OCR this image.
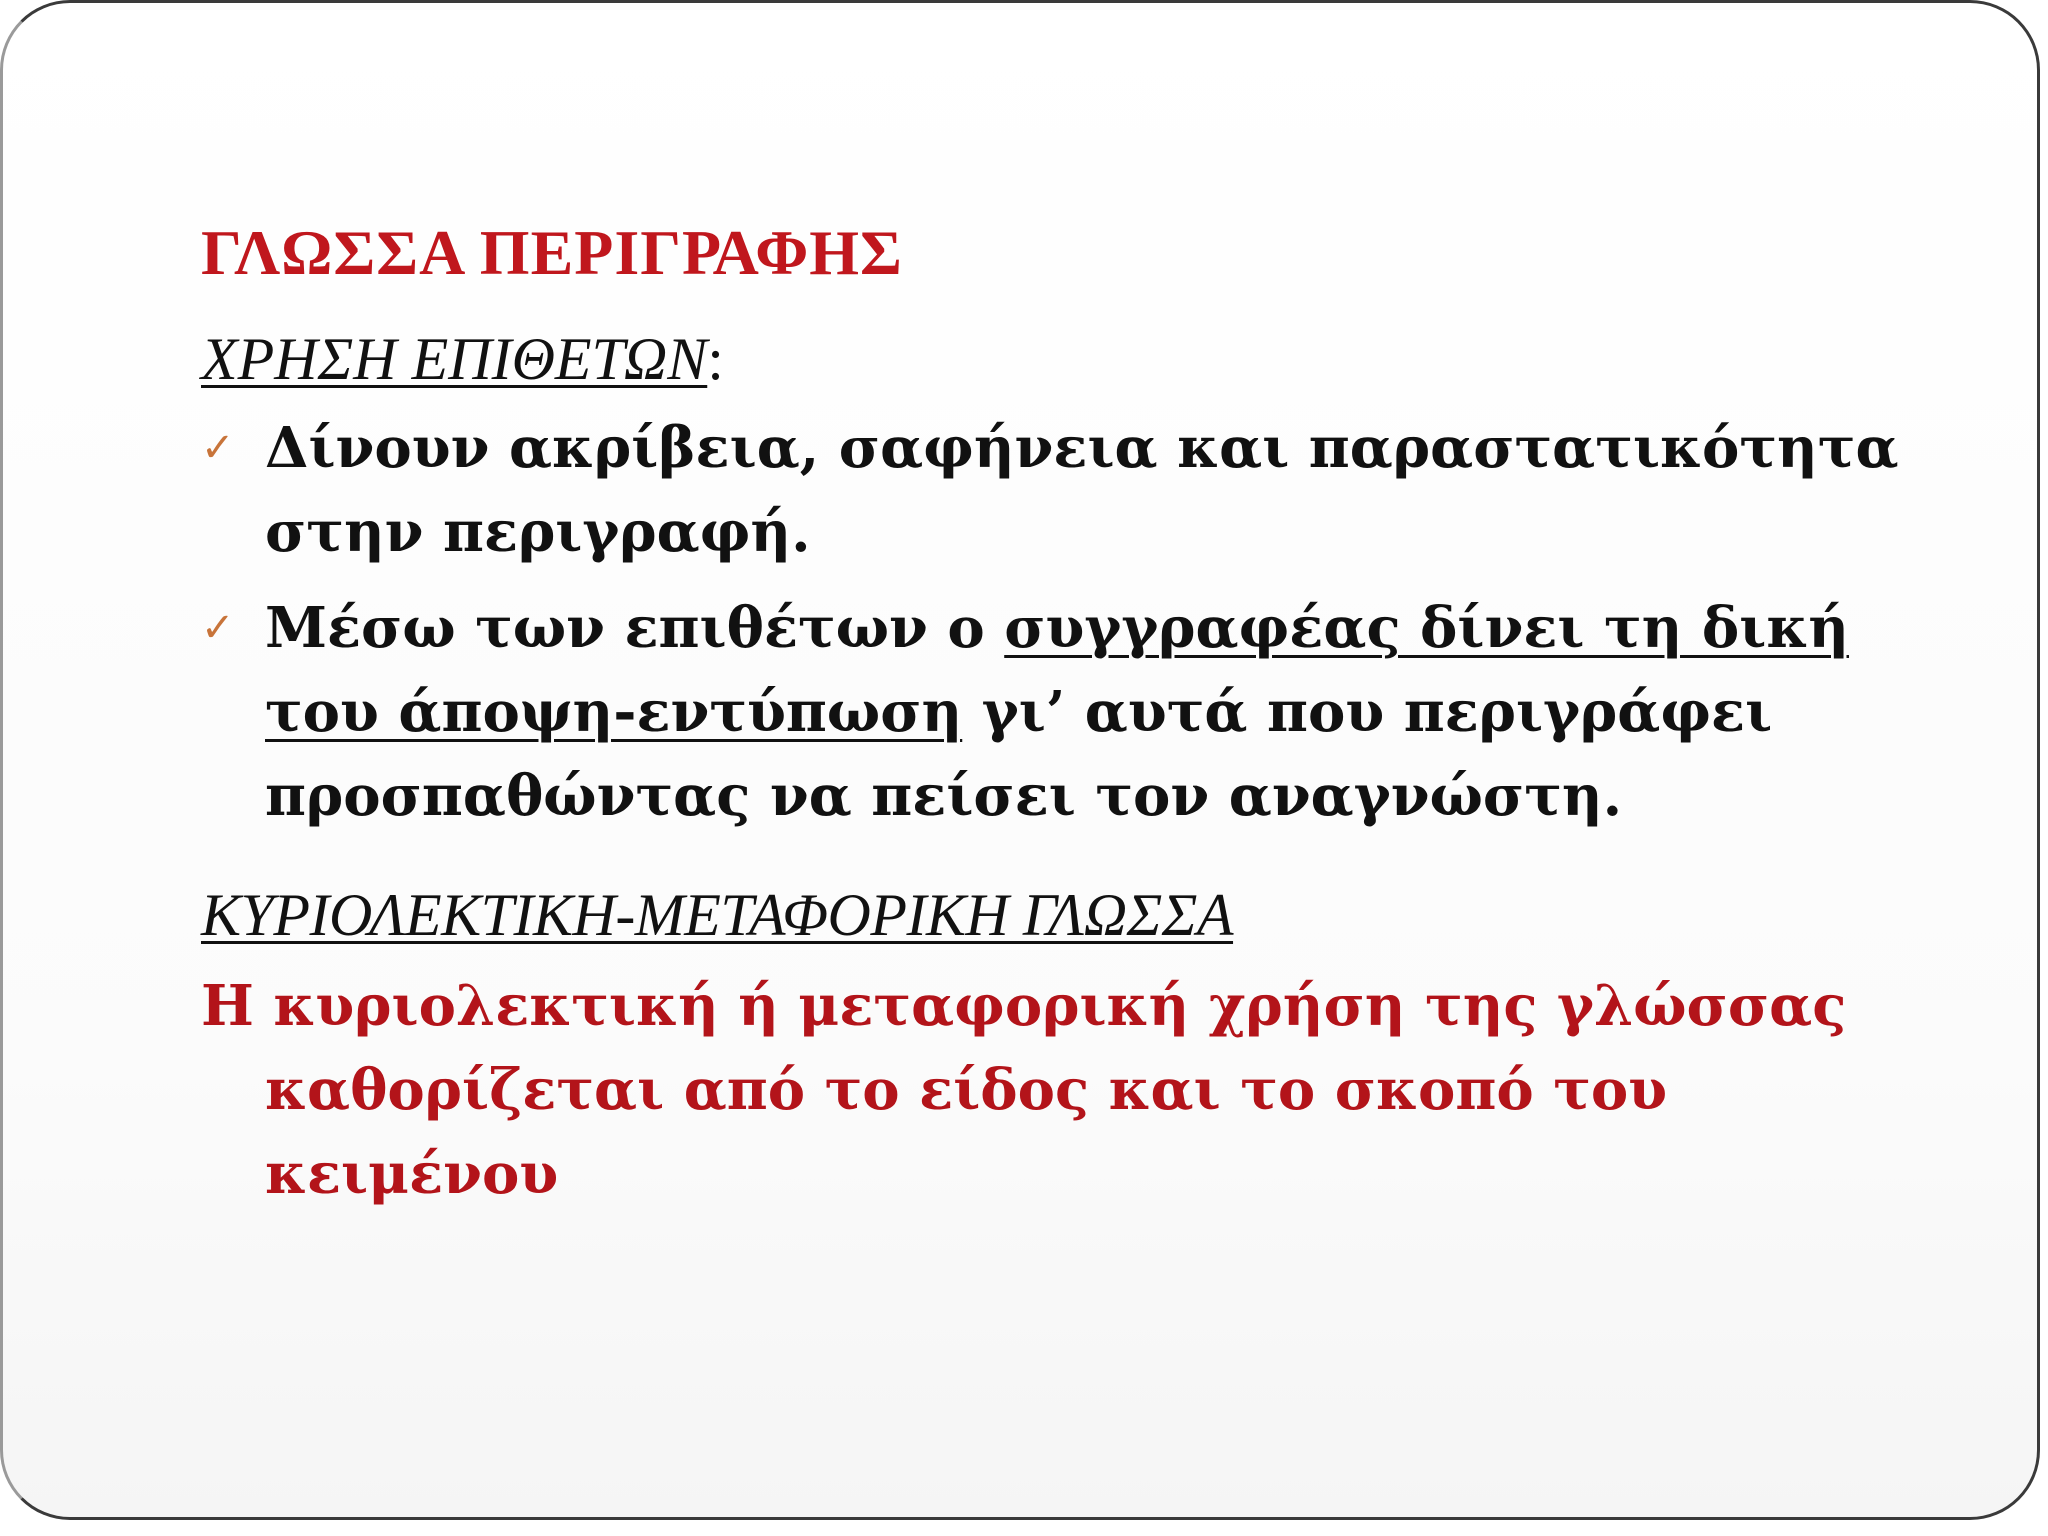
ΓΛΩΣΣΑ ΠΕΡΙΓΡΑΦΗΣ
ΧΡΗΣΗ ΕΠΙΘΕΤΩΝ:
✓ Δίνουν ακρίβεια, σαφήνεια και παραστατικότητα στην περιγραφή.
✓ Μέσω των επιθέτων ο συγγραφέας δίνει τη δική του άποψη-εντύπωση γι’ αυτά που περιγράφει προσπαθώντας να πείσει τον αναγνώστη.
ΚΥΡΙΟΛΕΚΤΙΚΗ-ΜΕΤΑΦΟΡΙΚΗ ΓΛΩΣΣΑ

Η κυριολεκτική ή μεταφορική χρήση της γλώσσας καθορίζεται από το είδος και το σκοπό του κειμένου
